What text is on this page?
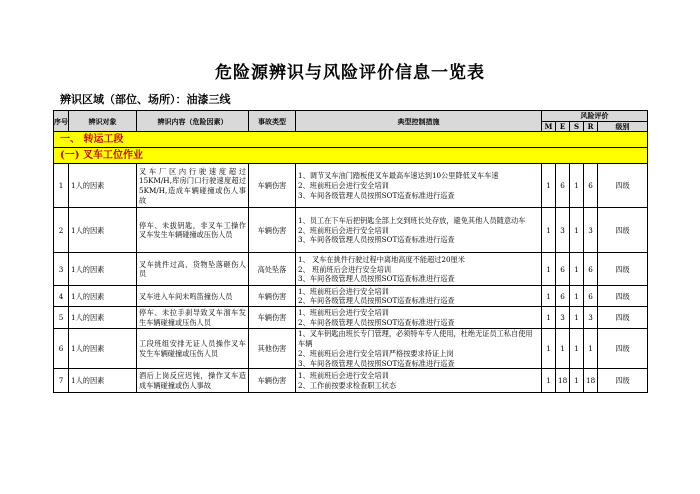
危险源辨识与风险评价信息一览表
辨识区域（部位、场所）：油漆三线
序号	辨识对象	辨识内容（危险因素）	事故类型	典型控制措施	风险评价				
					M	E	S	R	级别
一、 转运工段									
(一) 叉车工位作业									
1	1人的因素	叉车厂区内行驶速度超过15KM/H,库房门口行驶速度超过5KM/H,造成车辆碰撞或伤人事故	车辆伤害	1、调节叉车油门踏板使叉车最高车速达到10公里降低叉车车速
2、班前班后会进行安全培训
3、车间各级管理人员按照SOT巡查标准进行巡查	1	6	1	6	四级
2	1人的因素	停车、未拔钥匙，非叉车工操作叉车发生车辆碰撞或压伤人员	车辆伤害	1、员工在下车后把钥匙全部上交到班长处存放，避免其他人员随意动车
2、班前班后会进行安全培训
3、车间各级管理人员按照SOT巡查标准进行巡查	1	3	1	3	四级
3	1人的因素	叉车挑件过高、货物坠落砸伤人员	高处坠落	1、 叉车在挑件行驶过程中离地高度不能超过20厘米
2、 班前班后会进行安全培训
3、车间各级管理人员按照SOT巡查标准进行巡查	1	6	1	6	四级
4	1人的因素	叉车进入车间未鸣笛撞伤人员	车辆伤害	1、班前班后会进行安全培训
2、车间各级管理人员按照SOT巡查标准进行巡查	1	6	1	6	四级
5	1人的因素	停车、未拉手刹导致叉车溜车发生车辆碰撞或压伤人员	车辆伤害	1、班前班后会进行安全培训
2、车间各级管理人员按照SOT巡查标准进行巡查	1	3	1	3	四级
6	1人的因素	工段班组安排无证人员操作叉车发生车辆碰撞或压伤人员	其他伤害	1、叉车钥匙由班长专门管理，必须特车专人使用，杜绝无证员工私自使用车辆
2、班前班后会进行安全培训严格按要求持证上岗
3、车间各级管理人员按照SOT巡查标准进行巡查	1	1	1	1	四级
7	1人的因素	酒后上岗反应迟钝，操作叉车造成车辆碰撞或伤人事故	车辆伤害	1、班前班后会进行安全培训
2、工作前按要求检查职工状态	1	18	1	18	四级
